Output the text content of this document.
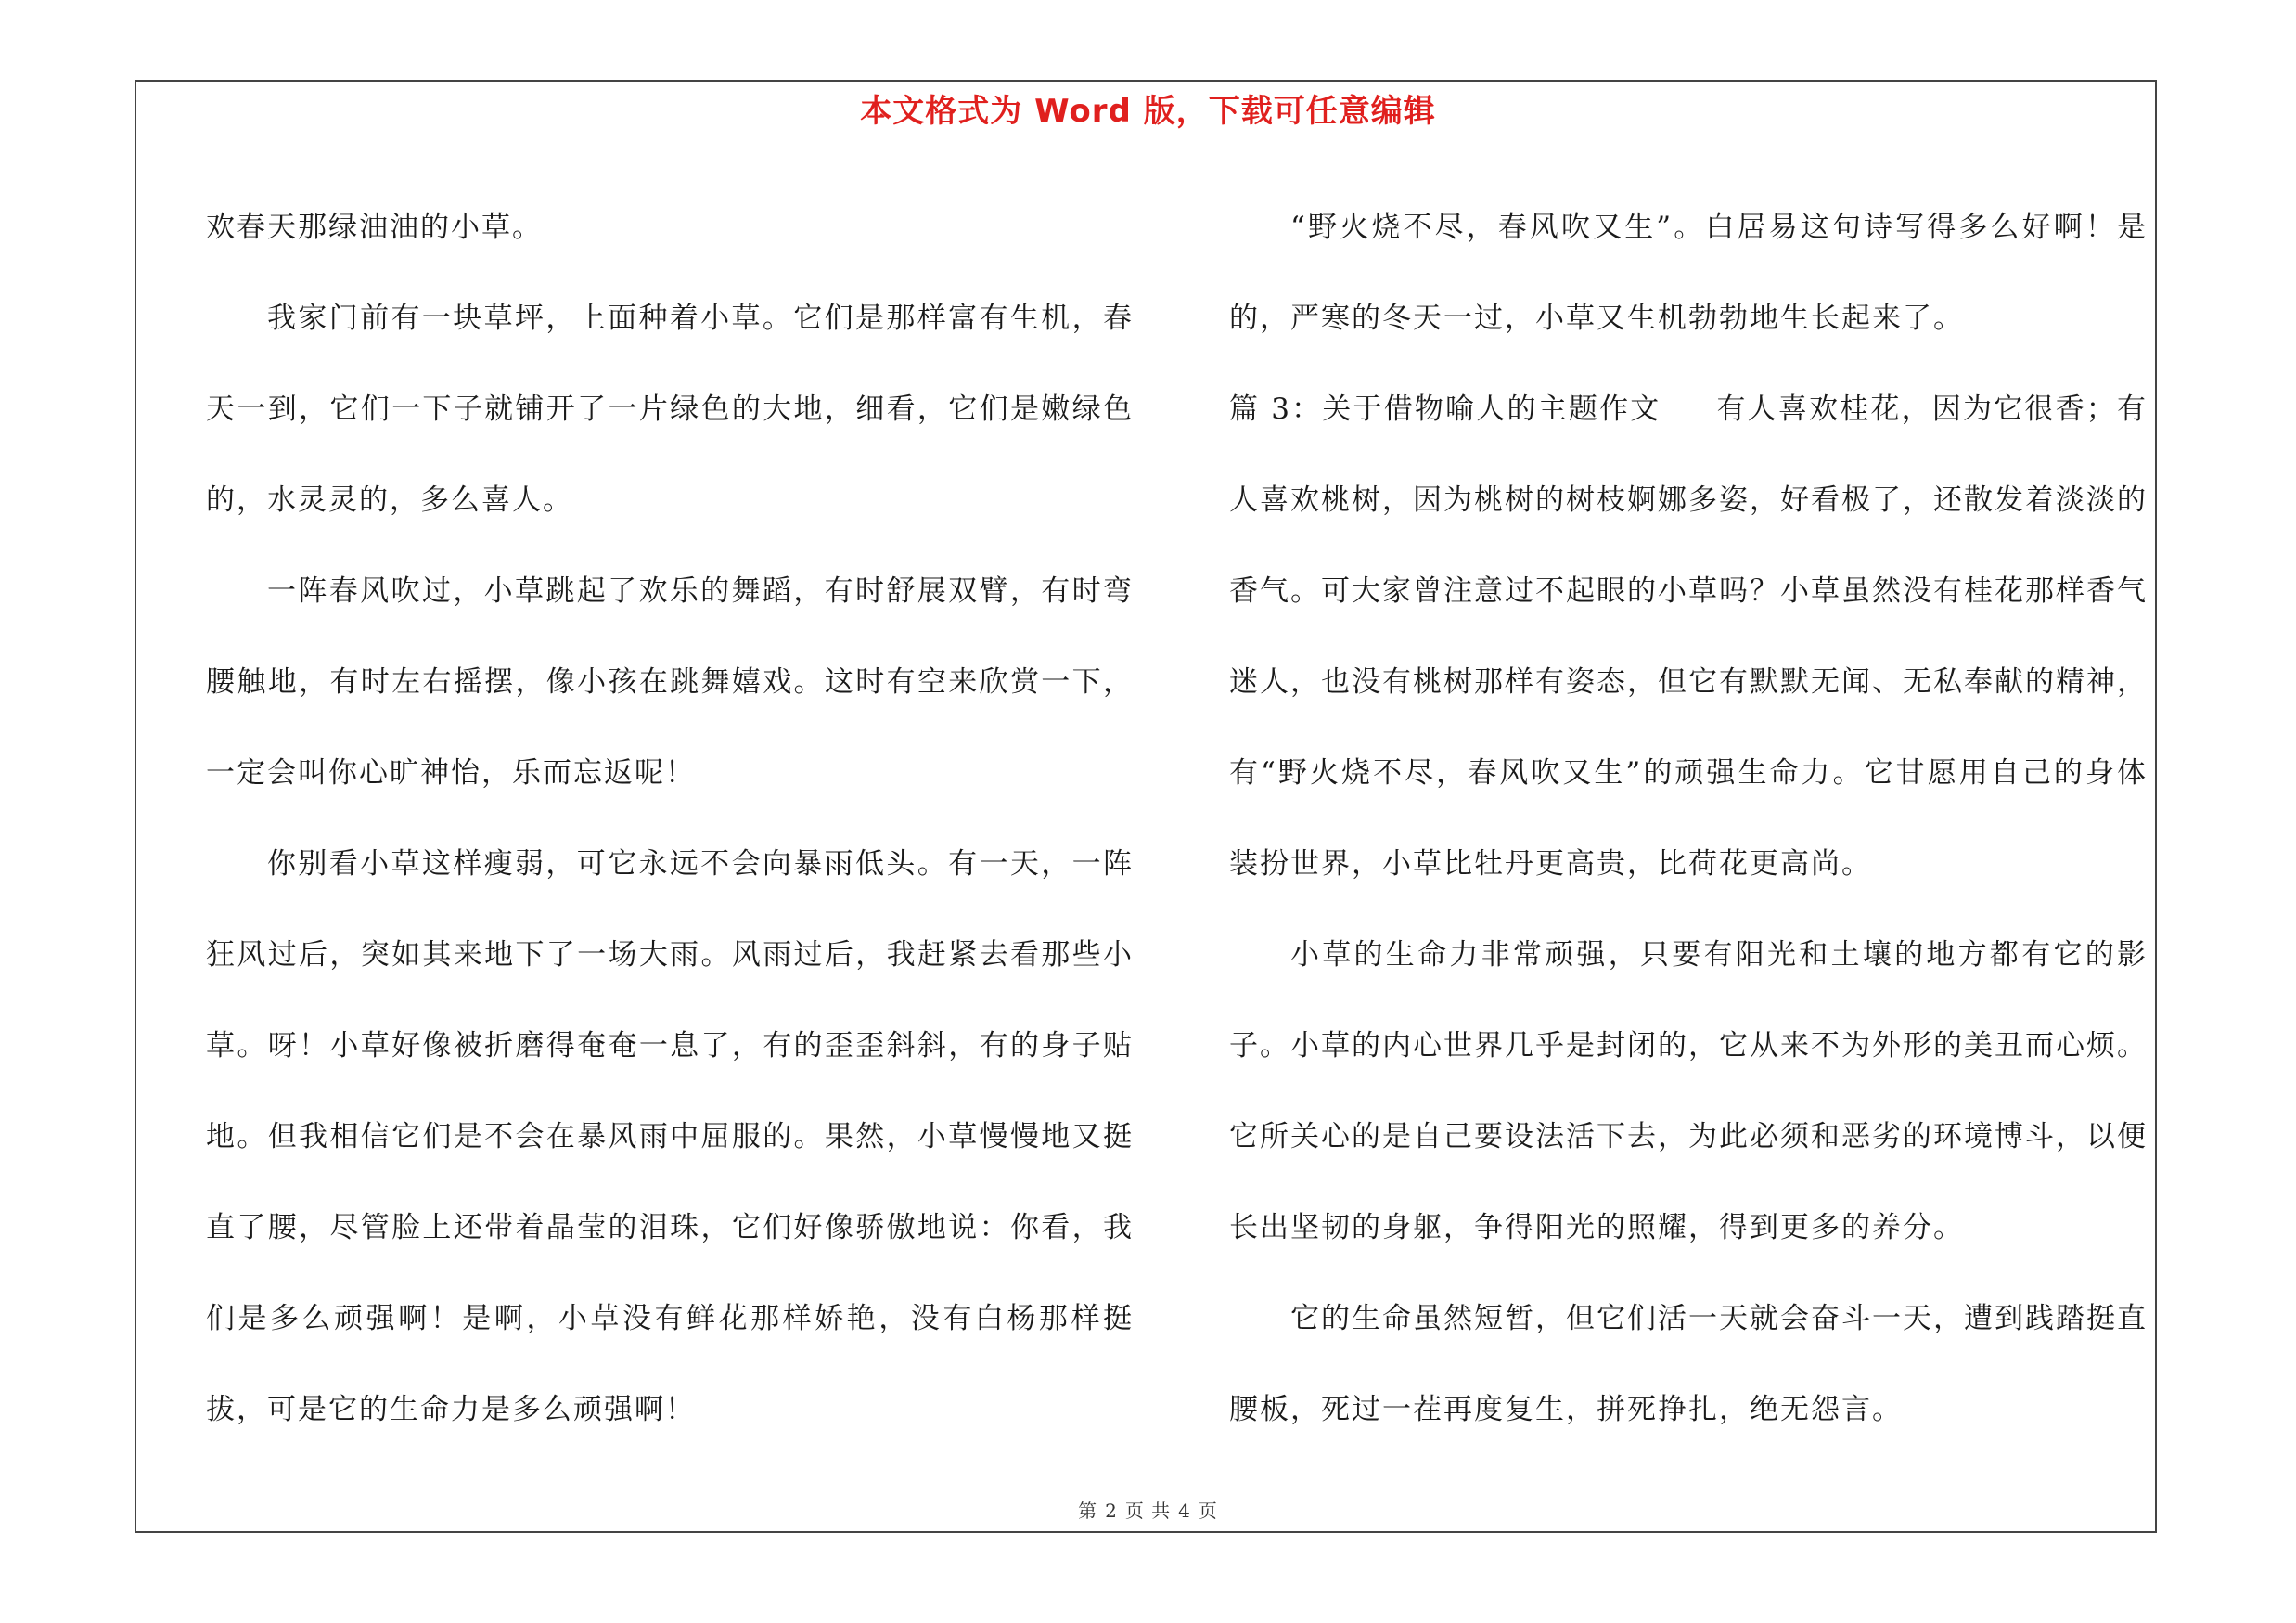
本文格式为 Word 版，下载可任意编辑

欢春天那绿油油的小草。

我家门前有一块草坪，上面种着小草。它们是那样富有生机，春天一到，它们一下子就铺开了一片绿色的大地，细看，它们是嫩绿色的，水灵灵的，多么喜人。

一阵春风吹过，小草跳起了欢乐的舞蹈，有时舒展双臂，有时弯腰触地，有时左右摇摆，像小孩在跳舞嬉戏。这时有空来欣赏一下，一定会叫你心旷神怡，乐而忘返呢！

你别看小草这样瘦弱，可它永远不会向暴雨低头。有一天，一阵狂风过后，突如其来地下了一场大雨。风雨过后，我赶紧去看那些小草。呀！小草好像被折磨得奄奄一息了，有的歪歪斜斜，有的身子贴地。但我相信它们是不会在暴风雨中屈服的。果然，小草慢慢地又挺直了腰，尽管脸上还带着晶莹的泪珠，它们好像骄傲地说：你看，我们是多么顽强啊！是啊，小草没有鲜花那样娇艳，没有白杨那样挺拔，可是它的生命力是多么顽强啊！

“野火烧不尽，春风吹又生”。白居易这句诗写得多么好啊！是的，严寒的冬天一过，小草又生机勃勃地生长起来了。

篇 3：关于借物喻人的主题作文 有人喜欢桂花，因为它很香；有人喜欢桃树，因为桃树的树枝婀娜多姿，好看极了，还散发着淡淡的香气。可大家曾注意过不起眼的小草吗？小草虽然没有桂花那样香气迷人，也没有桃树那样有姿态，但它有默默无闻、无私奉献的精神，有“野火烧不尽，春风吹又生”的顽强生命力。它甘愿用自己的身体装扮世界，小草比牡丹更高贵，比荷花更高尚。

小草的生命力非常顽强，只要有阳光和土壤的地方都有它的影子。小草的内心世界几乎是封闭的，它从来不为外形的美丑而心烦。它所关心的是自己要设法活下去，为此必须和恶劣的环境博斗，以便长出坚韧的身躯，争得阳光的照耀，得到更多的养分。

它的生命虽然短暂，但它们活一天就会奋斗一天，遭到践踏挺直腰板，死过一茬再度复生，拼死挣扎，绝无怨言。

第 2 页 共 4 页
